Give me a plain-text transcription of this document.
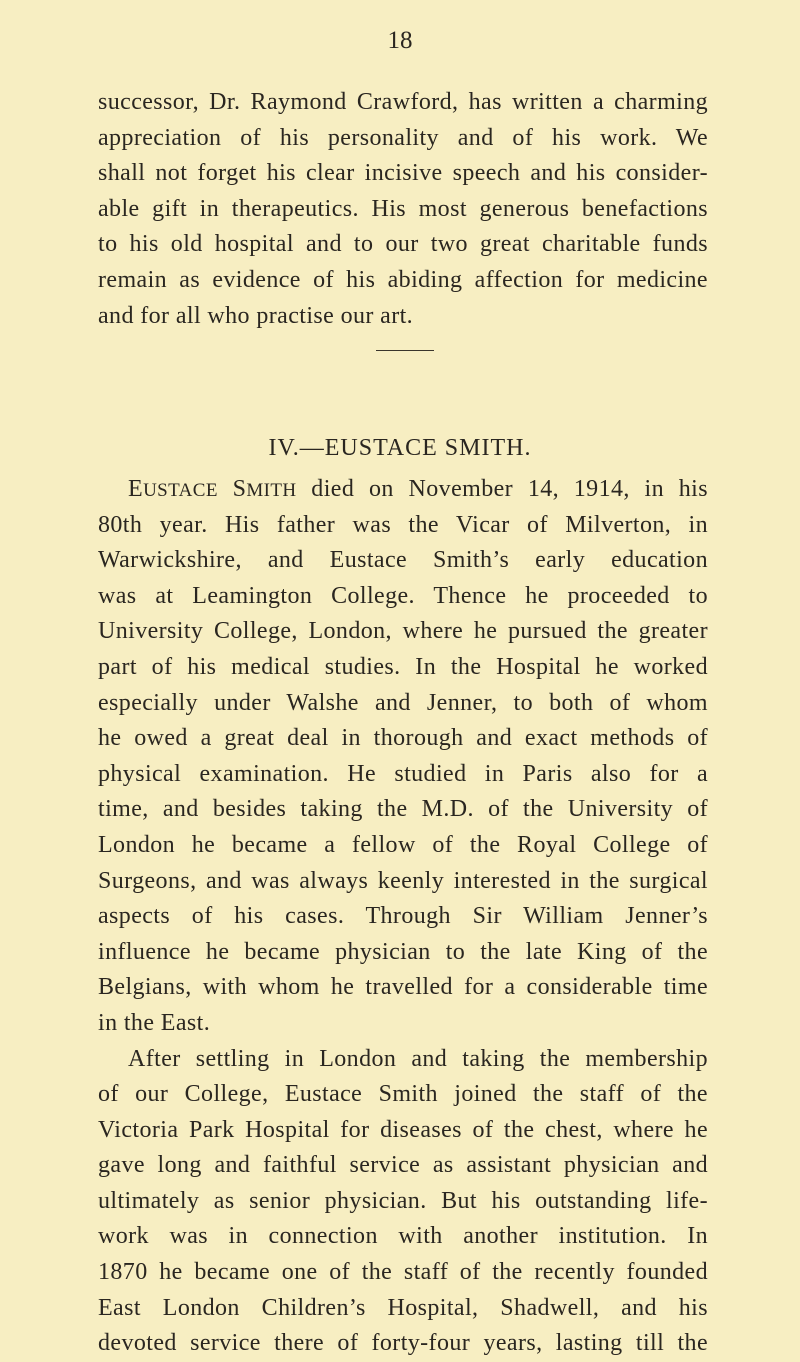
18
successor, Dr. Raymond Crawford, has written a charming
appreciation of his personality and of his work. We
shall not forget his clear incisive speech and his consider-
able gift in therapeutics. His most generous benefactions
to his old hospital and to our two great charitable funds
remain as evidence of his abiding affection for medicine
and for all who practise our art.
IV.—EUSTACE SMITH.
EUSTACE SMITH died on November 14, 1914, in his
80th year. His father was the Vicar of Milverton, in
Warwickshire, and Eustace Smith’s early education
was at Leamington College. Thence he proceeded to
University College, London, where he pursued the greater
part of his medical studies. In the Hospital he worked
especially under Walshe and Jenner, to both of whom
he owed a great deal in thorough and exact methods of
physical examination. He studied in Paris also for a
time, and besides taking the M.D. of the University of
London he became a fellow of the Royal College of
Surgeons, and was always keenly interested in the surgical
aspects of his cases. Through Sir William Jenner’s
influence he became physician to the late King of the
Belgians, with whom he travelled for a considerable time
in the East.
After settling in London and taking the membership
of our College, Eustace Smith joined the staff of the
Victoria Park Hospital for diseases of the chest, where he
gave long and faithful service as assistant physician and
ultimately as senior physician. But his outstanding life-
work was in connection with another institution. In
1870 he became one of the staff of the recently founded
East London Children’s Hospital, Shadwell, and his
devoted service there of forty-four years, lasting till the
